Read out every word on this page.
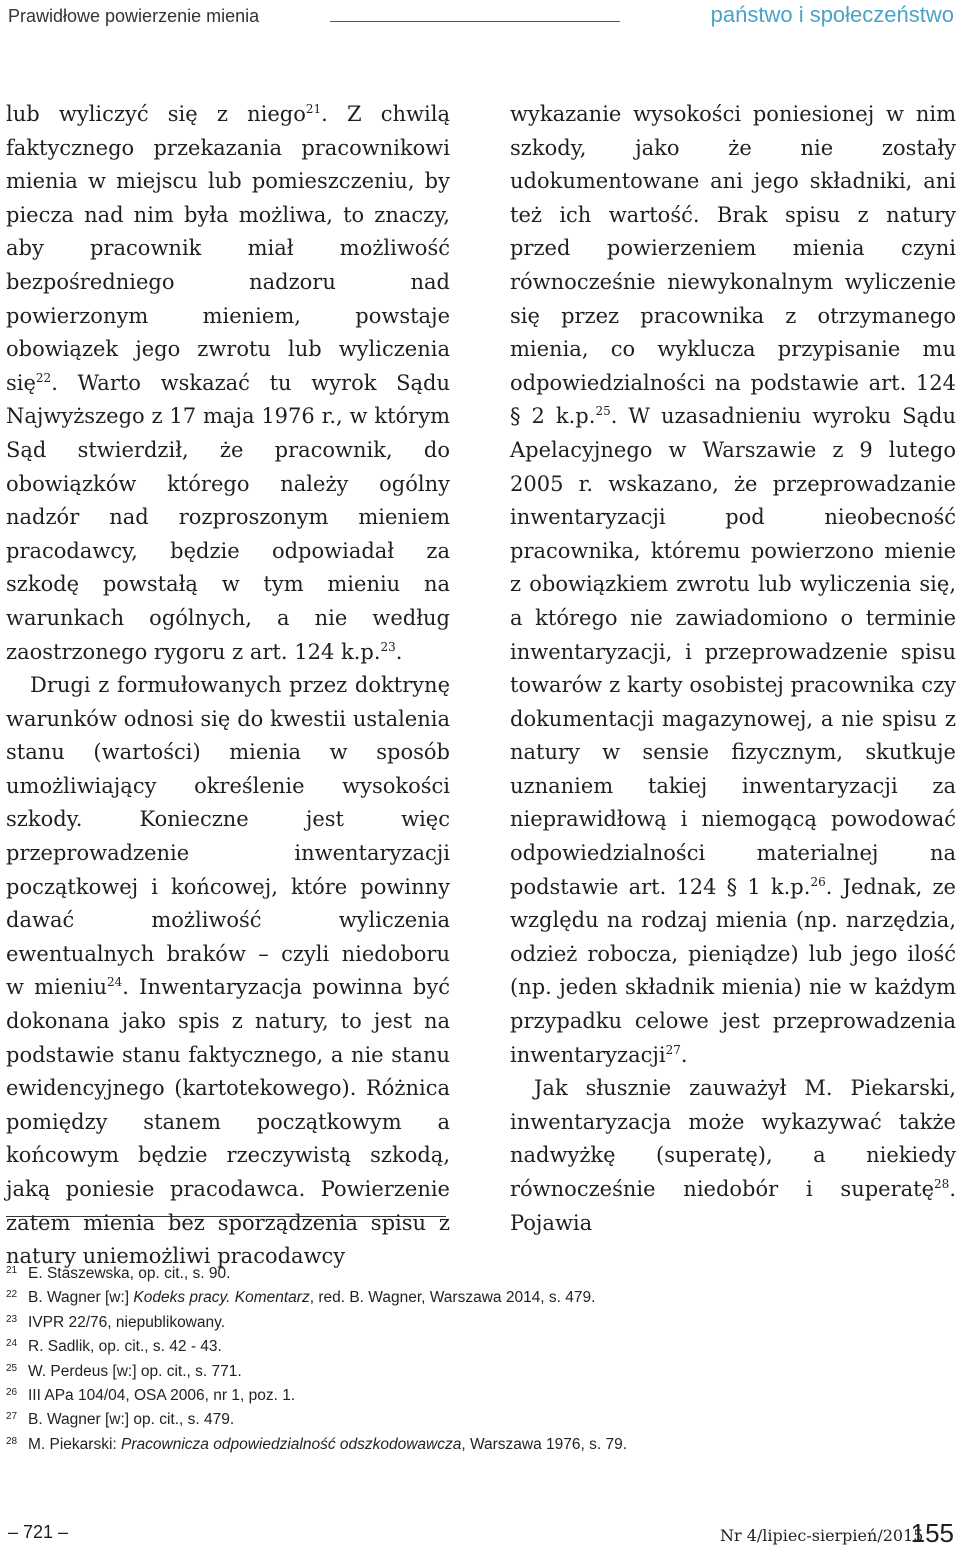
Prawidłowe powierzenie mienia	państwo i społeczeństwo

lub wyliczyć się z niego$^{21}$. Z chwilą faktycznego przekazania pracownikowi mienia w miejscu lub pomieszczeniu, by piecza nad nim była możliwa, to znaczy, aby pracownik miał możliwość bezpośredniego nadzoru nad powierzonym mieniem, powstaje obowiązek jego zwrotu lub wyliczenia się$^{22}$. Warto wskazać tu wyrok Sądu Najwyższego z 17 maja 1976 r., w którym Sąd stwierdził, że pracownik, do obowiązków którego należy ogólny nadzór nad rozproszonym mieniem pracodawcy, będzie odpowiadał za szkodę powstałą w tym mieniu na warunkach ogólnych, a nie według zaostrzonego rygoru z art. 124 k.p.$^{23}$.

Drugi z formułowanych przez doktrynę warunków odnosi się do kwestii ustalenia stanu (wartości) mienia w sposób umożliwiający określenie wysokości szkody. Konieczne jest więc przeprowadzenie inwentaryzacji początkowej i końcowej, które powinny dawać możliwość wyliczenia ewentualnych braków – czyli niedoboru w mieniu$^{24}$. Inwentaryzacja powinna być dokonana jako spis z natury, to jest na podstawie stanu faktycznego, a nie stanu ewidencyjnego (kartotekowego). Różnica pomiędzy stanem początkowym a końcowym będzie rzeczywistą szkodą, jaką poniesie pracodawca. Powierzenie zatem mienia bez sporządzenia spisu z natury uniemożliwi pracodawcy

wykazanie wysokości poniesionej w nim szkody, jako że nie zostały udokumentowane ani jego składniki, ani też ich wartość. Brak spisu z natury przed powierzeniem mienia czyni równocześnie niewykonalnym wyliczenie się przez pracownika z otrzymanego mienia, co wyklucza przypisanie mu odpowiedzialności na podstawie art. 124 § 2 k.p.$^{25}$. W uzasadnieniu wyroku Sądu Apelacyjnego w Warszawie z 9 lutego 2005 r. wskazano, że przeprowadzanie inwentaryzacji pod nieobecność pracownika, któremu powierzono mienie z obowiązkiem zwrotu lub wyliczenia się, a którego nie zawiadomiono o terminie inwentaryzacji, i przeprowadzenie spisu towarów z karty osobistej pracownika czy dokumentacji magazynowej, a nie spisu z natury w sensie fizycznym, skutkuje uznaniem takiej inwentaryzacji za nieprawidłową i niemogącą powodować odpowiedzialności materialnej na podstawie art. 124 § 1 k.p.$^{26}$. Jednak, ze względu na rodzaj mienia (np. narzędzia, odzież robocza, pieniądze) lub jego ilość (np. jeden składnik mienia) nie w każdym przypadku celowe jest przeprowadzenia inwentaryzacji$^{27}$.

Jak słusznie zauważył M. Piekarski, inwentaryzacja może wykazywać także nadwyżkę (superatę), a niekiedy równocześnie niedobór i superatę$^{28}$. Pojawia

21 E. Staszewska, op. cit., s. 90.
22 B. Wagner [w:]
Kodeks pracy. Komentarz , red. B. Wagner, Warszawa 2014, s. 479.
23 IVPR 22/76, niepublikowany.
24 R. Sadlik, op. cit., s. 42 - 43.
25 W. Perdeus [w:] op. cit., s. 771.
26 III APa 104/04, OSA 2006, nr 1, poz. 1.
27 B. Wagner [w:] op. cit., s. 479.
28 M. Piekarski:
Pracownicza odpowiedzialność odszkodowawcza , Warszawa 1976, s. 79.
– 721 –	Nr 4/lipiec-sierpień/2015
155
